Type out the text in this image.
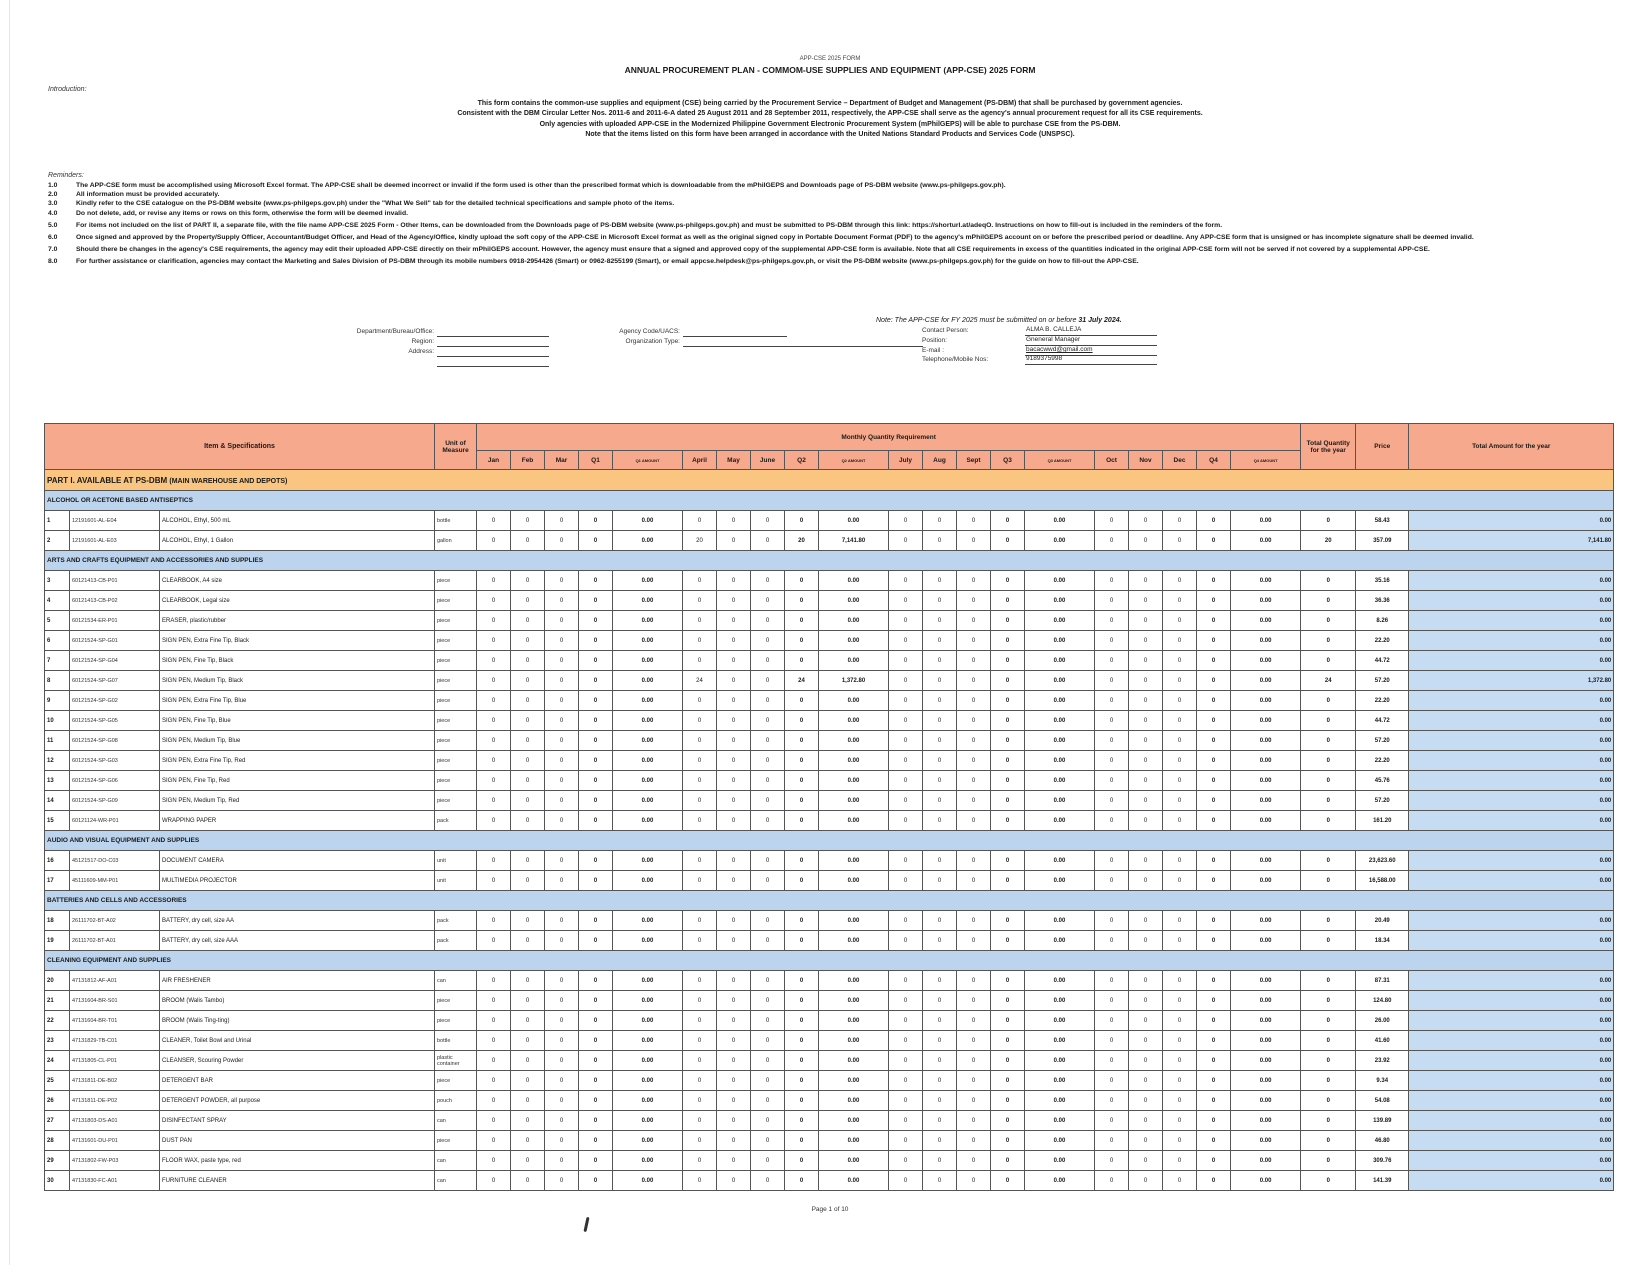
APP-CSE 2025 FORM
ANNUAL PROCUREMENT PLAN - COMMOM-USE SUPPLIES AND EQUIPMENT (APP-CSE) 2025 FORM
Introduction:
This form contains the common-use supplies and equipment (CSE) being carried by the Procurement Service – Department of Budget and Management (PS-DBM) that shall be purchased by government agencies.
Consistent with the DBM Circular Letter Nos. 2011-6 and 2011-6-A dated 25 August 2011 and 28 September 2011, respectively, the APP-CSE shall serve as the agency's annual procurement request for all its CSE requirements.
Only agencies with uploaded APP-CSE in the Modernized Philippine Government Electronic Procurement System (mPhilGEPS) will be able to purchase CSE from the PS-DBM.
Note that the items listed on this form have been arranged in accordance with the United Nations Standard Products and Services Code (UNSPSC).
Reminders:
1.0	The APP-CSE form must be accomplished using Microsoft Excel format. The APP-CSE shall be deemed incorrect or invalid if the form used is other than the prescribed format which is downloadable from the mPhilGEPS and Downloads page of PS-DBM website (www.ps-philgeps.gov.ph).
2.0	All information must be provided accurately.
3.0	Kindly refer to the CSE catalogue on the PS-DBM website (www.ps-philgeps.gov.ph) under the "What We Sell" tab for the detailed technical specifications and sample photo of the items.
4.0	Do not delete, add, or revise any items or rows on this form, otherwise the form will be deemed invalid.
5.0	For items not included on the list of PART II, a separate file, with the file name APP-CSE 2025 Form - Other Items, can be downloaded from the Downloads page of PS-DBM website (www.ps-philgeps.gov.ph) and must be submitted to PS-DBM through this link: https://shorturl.at/adeqO. Instructions on how to fill-out is included in the reminders of the form.
6.0	Once signed and approved by the Property/Supply Officer, Accountant/Budget Officer, and Head of the Agency/Office, kindly upload the soft copy of the APP-CSE in Microsoft Excel format as well as the original signed copy in Portable Document Format (PDF) to the agency's mPhilGEPS account on or before the prescribed period or deadline. Any APP-CSE form that is unsigned or has incomplete signature shall be deemed invalid.
7.0	Should there be changes in the agency's CSE requirements, the agency may edit their uploaded APP-CSE directly on their mPhilGEPS account. However, the agency must ensure that a signed and approved copy of the supplemental APP-CSE form is available. Note that all CSE requirements in excess of the quantities indicated in the original APP-CSE form will not be served if not covered by a supplemental APP-CSE.
8.0	For further assistance or clarification, agencies may contact the Marketing and Sales Division of PS-DBM through its mobile numbers 0918-2954426 (Smart) or 0962-8255199 (Smart), or email appcse.helpdesk@ps-philgeps.gov.ph, or visit the PS-DBM website (www.ps-philgeps.gov.ph) for the guide on how to fill-out the APP-CSE.
Note: The APP-CSE for FY 2025 must be submitted on or before 31 July 2024.
Department/Bureau/Office:
Region:
Address:
Agency Code/UACS:
Organization Type:
Contact Person:	ALMA B. CALLEJA
Position:	Gneneral Manager
E-mail :	bacacwwd@gmail.com
Telephone/Mobile Nos:	9189375998
Item & Specifications			Unit of Measure	Monthly Quantity Requirement																				Total Quantity for the year	Price	Total Amount for the year
				Jan	Feb	Mar	Q1	Q1 AMOUNT	April	May	June	Q2	Q2 AMOUNT	July	Aug	Sept	Q3	Q3 AMOUNT	Oct	Nov	Dec	Q4	Q4 AMOUNT			
PART I. AVAILABLE AT PS-DBM (MAIN WAREHOUSE AND DEPOTS)																										
ALCOHOL OR ACETONE BASED ANTISEPTICS																										
1	12191601-AL-E04	ALCOHOL, Ethyl, 500 mL	bottle	0	0	0	0	0.00	0	0	0	0	0.00	0	0	0	0	0.00	0	0	0	0	0.00	0	58.43	0.00
2	12191601-AL-E03	ALCOHOL, Ethyl, 1 Gallon	gallon	0	0	0	0	0.00	20	0	0	20	7,141.80	0	0	0	0	0.00	0	0	0	0	0.00	20	357.09	7,141.80
ARTS AND CRAFTS EQUIPMENT AND ACCESSORIES AND SUPPLIES																										
3	60121413-CB-P01	CLEARBOOK, A4 size	piece	0	0	0	0	0.00	0	0	0	0	0.00	0	0	0	0	0.00	0	0	0	0	0.00	0	35.16	0.00
4	60121413-CB-P02	CLEARBOOK, Legal size	piece	0	0	0	0	0.00	0	0	0	0	0.00	0	0	0	0	0.00	0	0	0	0	0.00	0	36.36	0.00
5	60121534-ER-P01	ERASER, plastic/rubber	piece	0	0	0	0	0.00	0	0	0	0	0.00	0	0	0	0	0.00	0	0	0	0	0.00	0	8.26	0.00
6	60121524-SP-G01	SIGN PEN, Extra Fine Tip, Black	piece	0	0	0	0	0.00	0	0	0	0	0.00	0	0	0	0	0.00	0	0	0	0	0.00	0	22.20	0.00
7	60121524-SP-G04	SIGN PEN, Fine Tip, Black	piece	0	0	0	0	0.00	0	0	0	0	0.00	0	0	0	0	0.00	0	0	0	0	0.00	0	44.72	0.00
8	60121524-SP-G07	SIGN PEN, Medium Tip, Black	piece	0	0	0	0	0.00	24	0	0	24	1,372.80	0	0	0	0	0.00	0	0	0	0	0.00	24	57.20	1,372.80
9	60121524-SP-G02	SIGN PEN, Extra Fine Tip, Blue	piece	0	0	0	0	0.00	0	0	0	0	0.00	0	0	0	0	0.00	0	0	0	0	0.00	0	22.20	0.00
10	60121524-SP-G05	SIGN PEN, Fine Tip, Blue	piece	0	0	0	0	0.00	0	0	0	0	0.00	0	0	0	0	0.00	0	0	0	0	0.00	0	44.72	0.00
11	60121524-SP-G08	SIGN PEN, Medium Tip, Blue	piece	0	0	0	0	0.00	0	0	0	0	0.00	0	0	0	0	0.00	0	0	0	0	0.00	0	57.20	0.00
12	60121524-SP-G03	SIGN PEN, Extra Fine Tip, Red	piece	0	0	0	0	0.00	0	0	0	0	0.00	0	0	0	0	0.00	0	0	0	0	0.00	0	22.20	0.00
13	60121524-SP-G06	SIGN PEN, Fine Tip, Red	piece	0	0	0	0	0.00	0	0	0	0	0.00	0	0	0	0	0.00	0	0	0	0	0.00	0	45.76	0.00
14	60121524-SP-G09	SIGN PEN, Medium Tip, Red	piece	0	0	0	0	0.00	0	0	0	0	0.00	0	0	0	0	0.00	0	0	0	0	0.00	0	57.20	0.00
15	60121124-WR-P01	WRAPPING PAPER	pack	0	0	0	0	0.00	0	0	0	0	0.00	0	0	0	0	0.00	0	0	0	0	0.00	0	161.20	0.00
AUDIO AND VISUAL EQUIPMENT AND SUPPLIES																										
16	45121517-DO-C03	DOCUMENT CAMERA	unit	0	0	0	0	0.00	0	0	0	0	0.00	0	0	0	0	0.00	0	0	0	0	0.00	0	23,623.60	0.00
17	45111609-MM-P01	MULTIMEDIA PROJECTOR	unit	0	0	0	0	0.00	0	0	0	0	0.00	0	0	0	0	0.00	0	0	0	0	0.00	0	16,588.00	0.00
BATTERIES AND CELLS AND ACCESSORIES																										
18	26111702-BT-A02	BATTERY, dry cell, size AA	pack	0	0	0	0	0.00	0	0	0	0	0.00	0	0	0	0	0.00	0	0	0	0	0.00	0	20.49	0.00
19	26111702-BT-A01	BATTERY, dry cell, size AAA	pack	0	0	0	0	0.00	0	0	0	0	0.00	0	0	0	0	0.00	0	0	0	0	0.00	0	18.34	0.00
CLEANING EQUIPMENT AND SUPPLIES																										
20	47131812-AF-A01	AIR FRESHENER	can	0	0	0	0	0.00	0	0	0	0	0.00	0	0	0	0	0.00	0	0	0	0	0.00	0	87.31	0.00
21	47131604-BR-S01	BROOM (Walis Tambo)	piece	0	0	0	0	0.00	0	0	0	0	0.00	0	0	0	0	0.00	0	0	0	0	0.00	0	124.80	0.00
22	47131604-BR-T01	BROOM (Walis Ting-ting)	piece	0	0	0	0	0.00	0	0	0	0	0.00	0	0	0	0	0.00	0	0	0	0	0.00	0	26.00	0.00
23	47131829-TB-C01	CLEANER, Toilet Bowl and Urinal	bottle	0	0	0	0	0.00	0	0	0	0	0.00	0	0	0	0	0.00	0	0	0	0	0.00	0	41.60	0.00
24	47131805-CL-P01	CLEANSER, Scouring Powder	plastic container	0	0	0	0	0.00	0	0	0	0	0.00	0	0	0	0	0.00	0	0	0	0	0.00	0	23.92	0.00
25	47131811-DE-B02	DETERGENT BAR	piece	0	0	0	0	0.00	0	0	0	0	0.00	0	0	0	0	0.00	0	0	0	0	0.00	0	9.34	0.00
26	47131811-DE-P02	DETERGENT POWDER, all purpose	pouch	0	0	0	0	0.00	0	0	0	0	0.00	0	0	0	0	0.00	0	0	0	0	0.00	0	54.08	0.00
27	47131803-DS-A01	DISINFECTANT SPRAY	can	0	0	0	0	0.00	0	0	0	0	0.00	0	0	0	0	0.00	0	0	0	0	0.00	0	139.89	0.00
28	47131601-DU-P01	DUST PAN	piece	0	0	0	0	0.00	0	0	0	0	0.00	0	0	0	0	0.00	0	0	0	0	0.00	0	46.80	0.00
29	47131802-FW-P03	FLOOR WAX, paste type, red	can	0	0	0	0	0.00	0	0	0	0	0.00	0	0	0	0	0.00	0	0	0	0	0.00	0	309.76	0.00
30	47131830-FC-A01	FURNITURE CLEANER	can	0	0	0	0	0.00	0	0	0	0	0.00	0	0	0	0	0.00	0	0	0	0	0.00	0	141.39	0.00
Page 1 of 10
